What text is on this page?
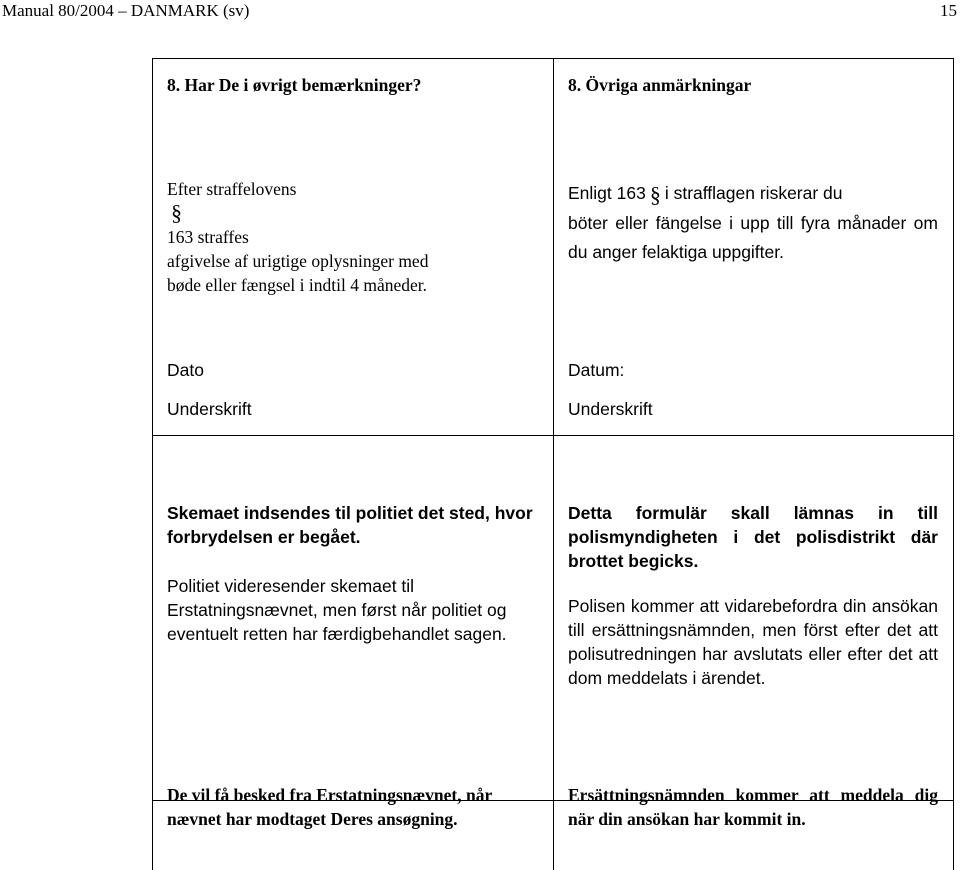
Manual 80/2004 – DANMARK (sv)	15
8. Har De i øvrigt bemærkninger?	8. Övriga anmärkningar
Efter straffelovens
§
163 straffes
afgivelse af urigtige oplysninger med
bøde eller fængsel i indtil 4 måneder.
Enligt 163 § i strafflagen riskerar du
böter eller fängelse i upp till fyra månader om du anger felaktiga uppgifter.
Dato
Underskrift
Datum:
Underskrift

Skemaet indsendes til politiet det sted, hvor forbrydelsen er begået.

Politiet videresender skemaet til Erstatningsnævnet, men først når politiet og eventuelt retten har færdigbehandlet sagen.

Detta formulär skall lämnas in till polismyndigheten i det polisdistrikt där brottet begicks.

Polisen kommer att vidarebefordra din ansökan till ersättningsnämnden, men först efter det att polisutredningen har avslutats eller efter det att dom meddelats i ärendet.

De vil få besked fra Erstatningsnævnet, når nævnet har modtaget Deres ansøgning.
Ersättningsnämnden kommer att meddela dig när din ansökan har kommit in.
